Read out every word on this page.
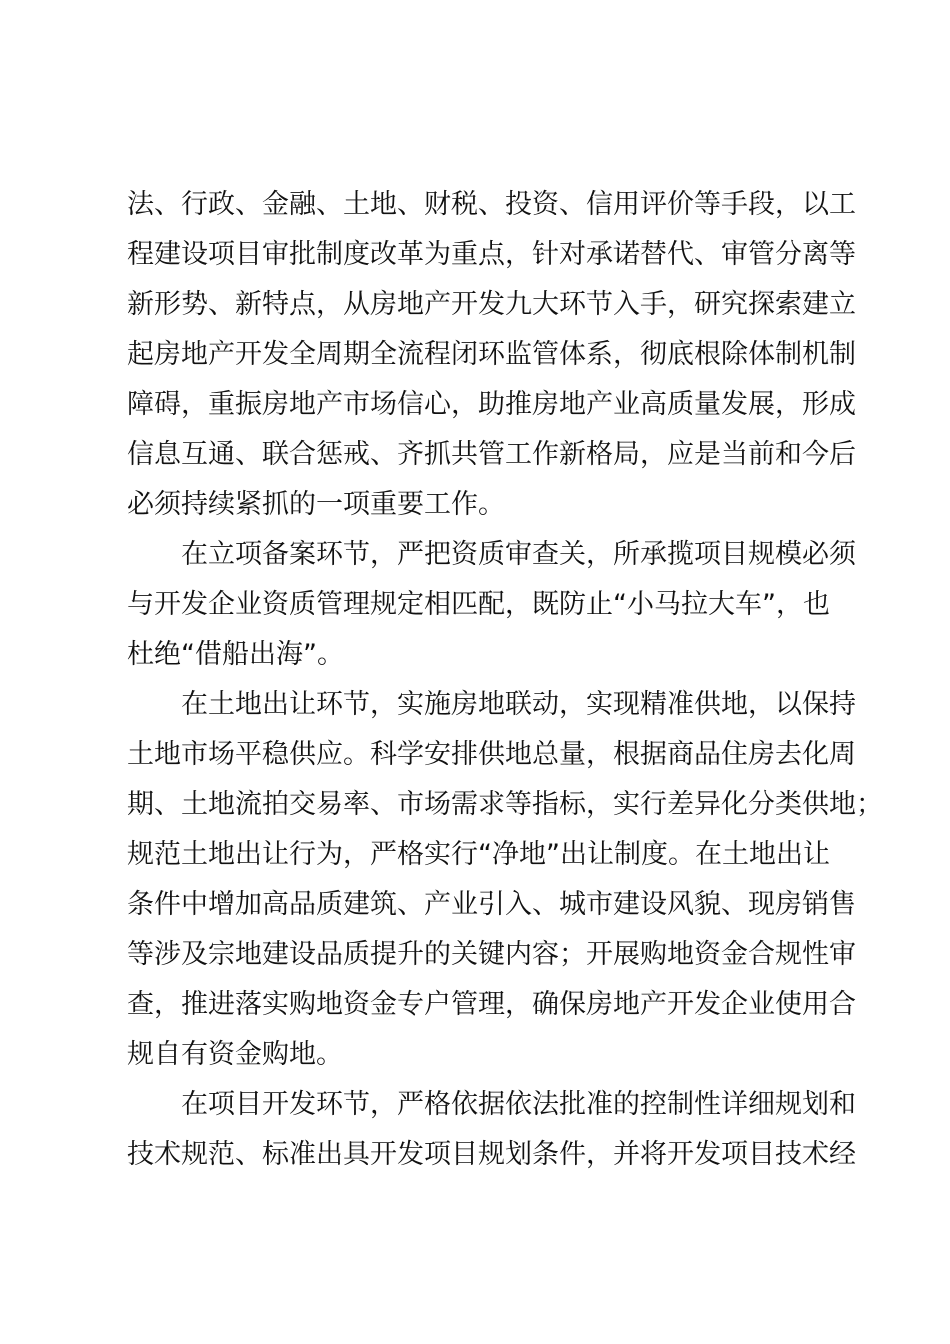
法、行政、金融、土地、财税、投资、信用评价等手段，以工
程建设项目审批制度改革为重点，针对承诺替代、审管分离等
新形势、新特点，从房地产开发九大环节入手，研究探索建立
起房地产开发全周期全流程闭环监管体系，彻底根除体制机制
障碍，重振房地产市场信心，助推房地产业高质量发展，形成
信息互通、联合惩戒、齐抓共管工作新格局，应是当前和今后
必须持续紧抓的一项重要工作。
在立项备案环节，严把资质审查关，所承揽项目规模必须
与开发企业资质管理规定相匹配，既防止“小马拉大车”，也
杜绝“借船出海”。
在土地出让环节，实施房地联动，实现精准供地，以保持
土地市场平稳供应。科学安排供地总量，根据商品住房去化周
期、土地流拍交易率、市场需求等指标，实行差异化分类供地；
规范土地出让行为，严格实行“净地”出让制度。在土地出让
条件中增加高品质建筑、产业引入、城市建设风貌、现房销售
等涉及宗地建设品质提升的关键内容；开展购地资金合规性审
查，推进落实购地资金专户管理，确保房地产开发企业使用合
规自有资金购地。
在项目开发环节，严格依据依法批准的控制性详细规划和
技术规范、标准出具开发项目规划条件，并将开发项目技术经
